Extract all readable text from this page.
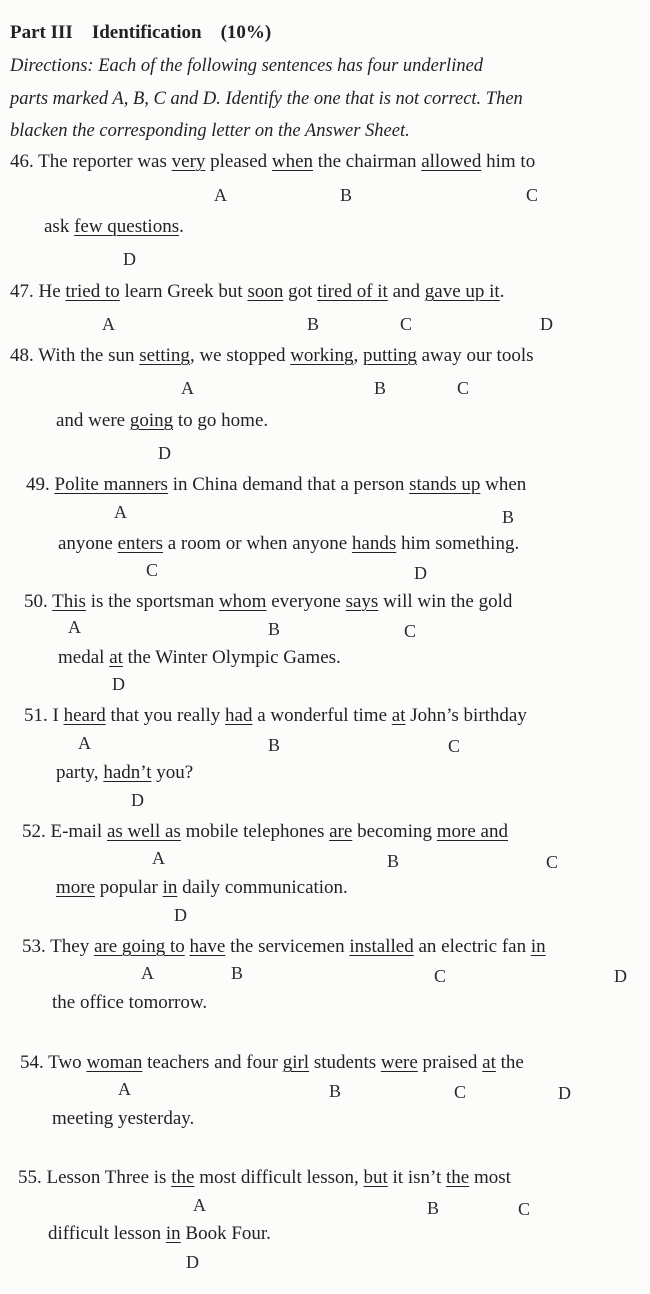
Part III Identification (10%)
Directions: Each of the following sentences has four underlined
parts marked A, B, C and D. Identify the one that is not correct. Then
blacken the corresponding letter on the Answer Sheet.
46. The reporter was very pleased when the chairman allowed him to
A	B	C
ask few questions.
D
47. He tried to learn Greek but soon got tired of it and gave up it.
A	B	C	D
48. With the sun setting, we stopped working, putting away our tools
A	B	C
and were going to go home.
D
49. Polite manners in China demand that a person stands up when
A	B
anyone enters a room or when anyone hands him something.
C	D
50. This is the sportsman whom everyone says will win the gold
A	B	C
medal at the Winter Olympic Games.
D
51. I heard that you really had a wonderful time at John’s birthday
A	B	C
party, hadn’t you?
D
52. E-mail as well as mobile telephones are becoming more and
A	B	C
more popular in daily communication.
D
53. They are going to have the servicemen installed an electric fan in
A	B	C	D
the office tomorrow.
54. Two woman teachers and four girl students were praised at the
A	B	C	D
meeting yesterday.
55. Lesson Three is the most difficult lesson, but it isn’t the most
A	B	C
difficult lesson in Book Four.
D
